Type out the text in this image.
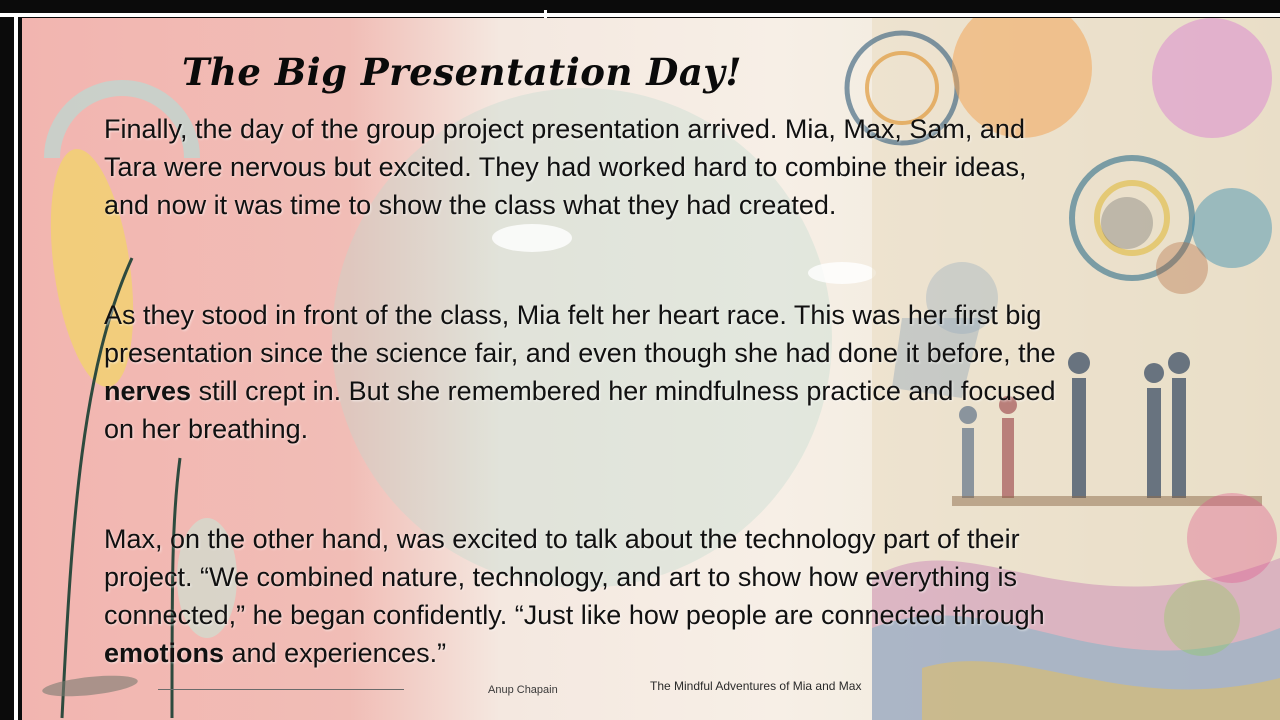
The Big Presentation Day!

Finally, the day of the group project presentation arrived. Mia, Max, Sam, and Tara were nervous but excited. They had worked hard to combine their ideas, and now it was time to show the class what they had created.

As they stood in front of the class, Mia felt her heart race. This was her first big presentation since the science fair, and even though she had done it before, the nerves still crept in. But she remembered her mindfulness practice and focused on her breathing.

Max, on the other hand, was excited to talk about the technology part of their project. “We combined nature, technology, and art to show how everything is connected,” he began confidently. “Just like how people are connected through emotions and experiences.”

Anup Chapain	The Mindful Adventures of Mia and Max
